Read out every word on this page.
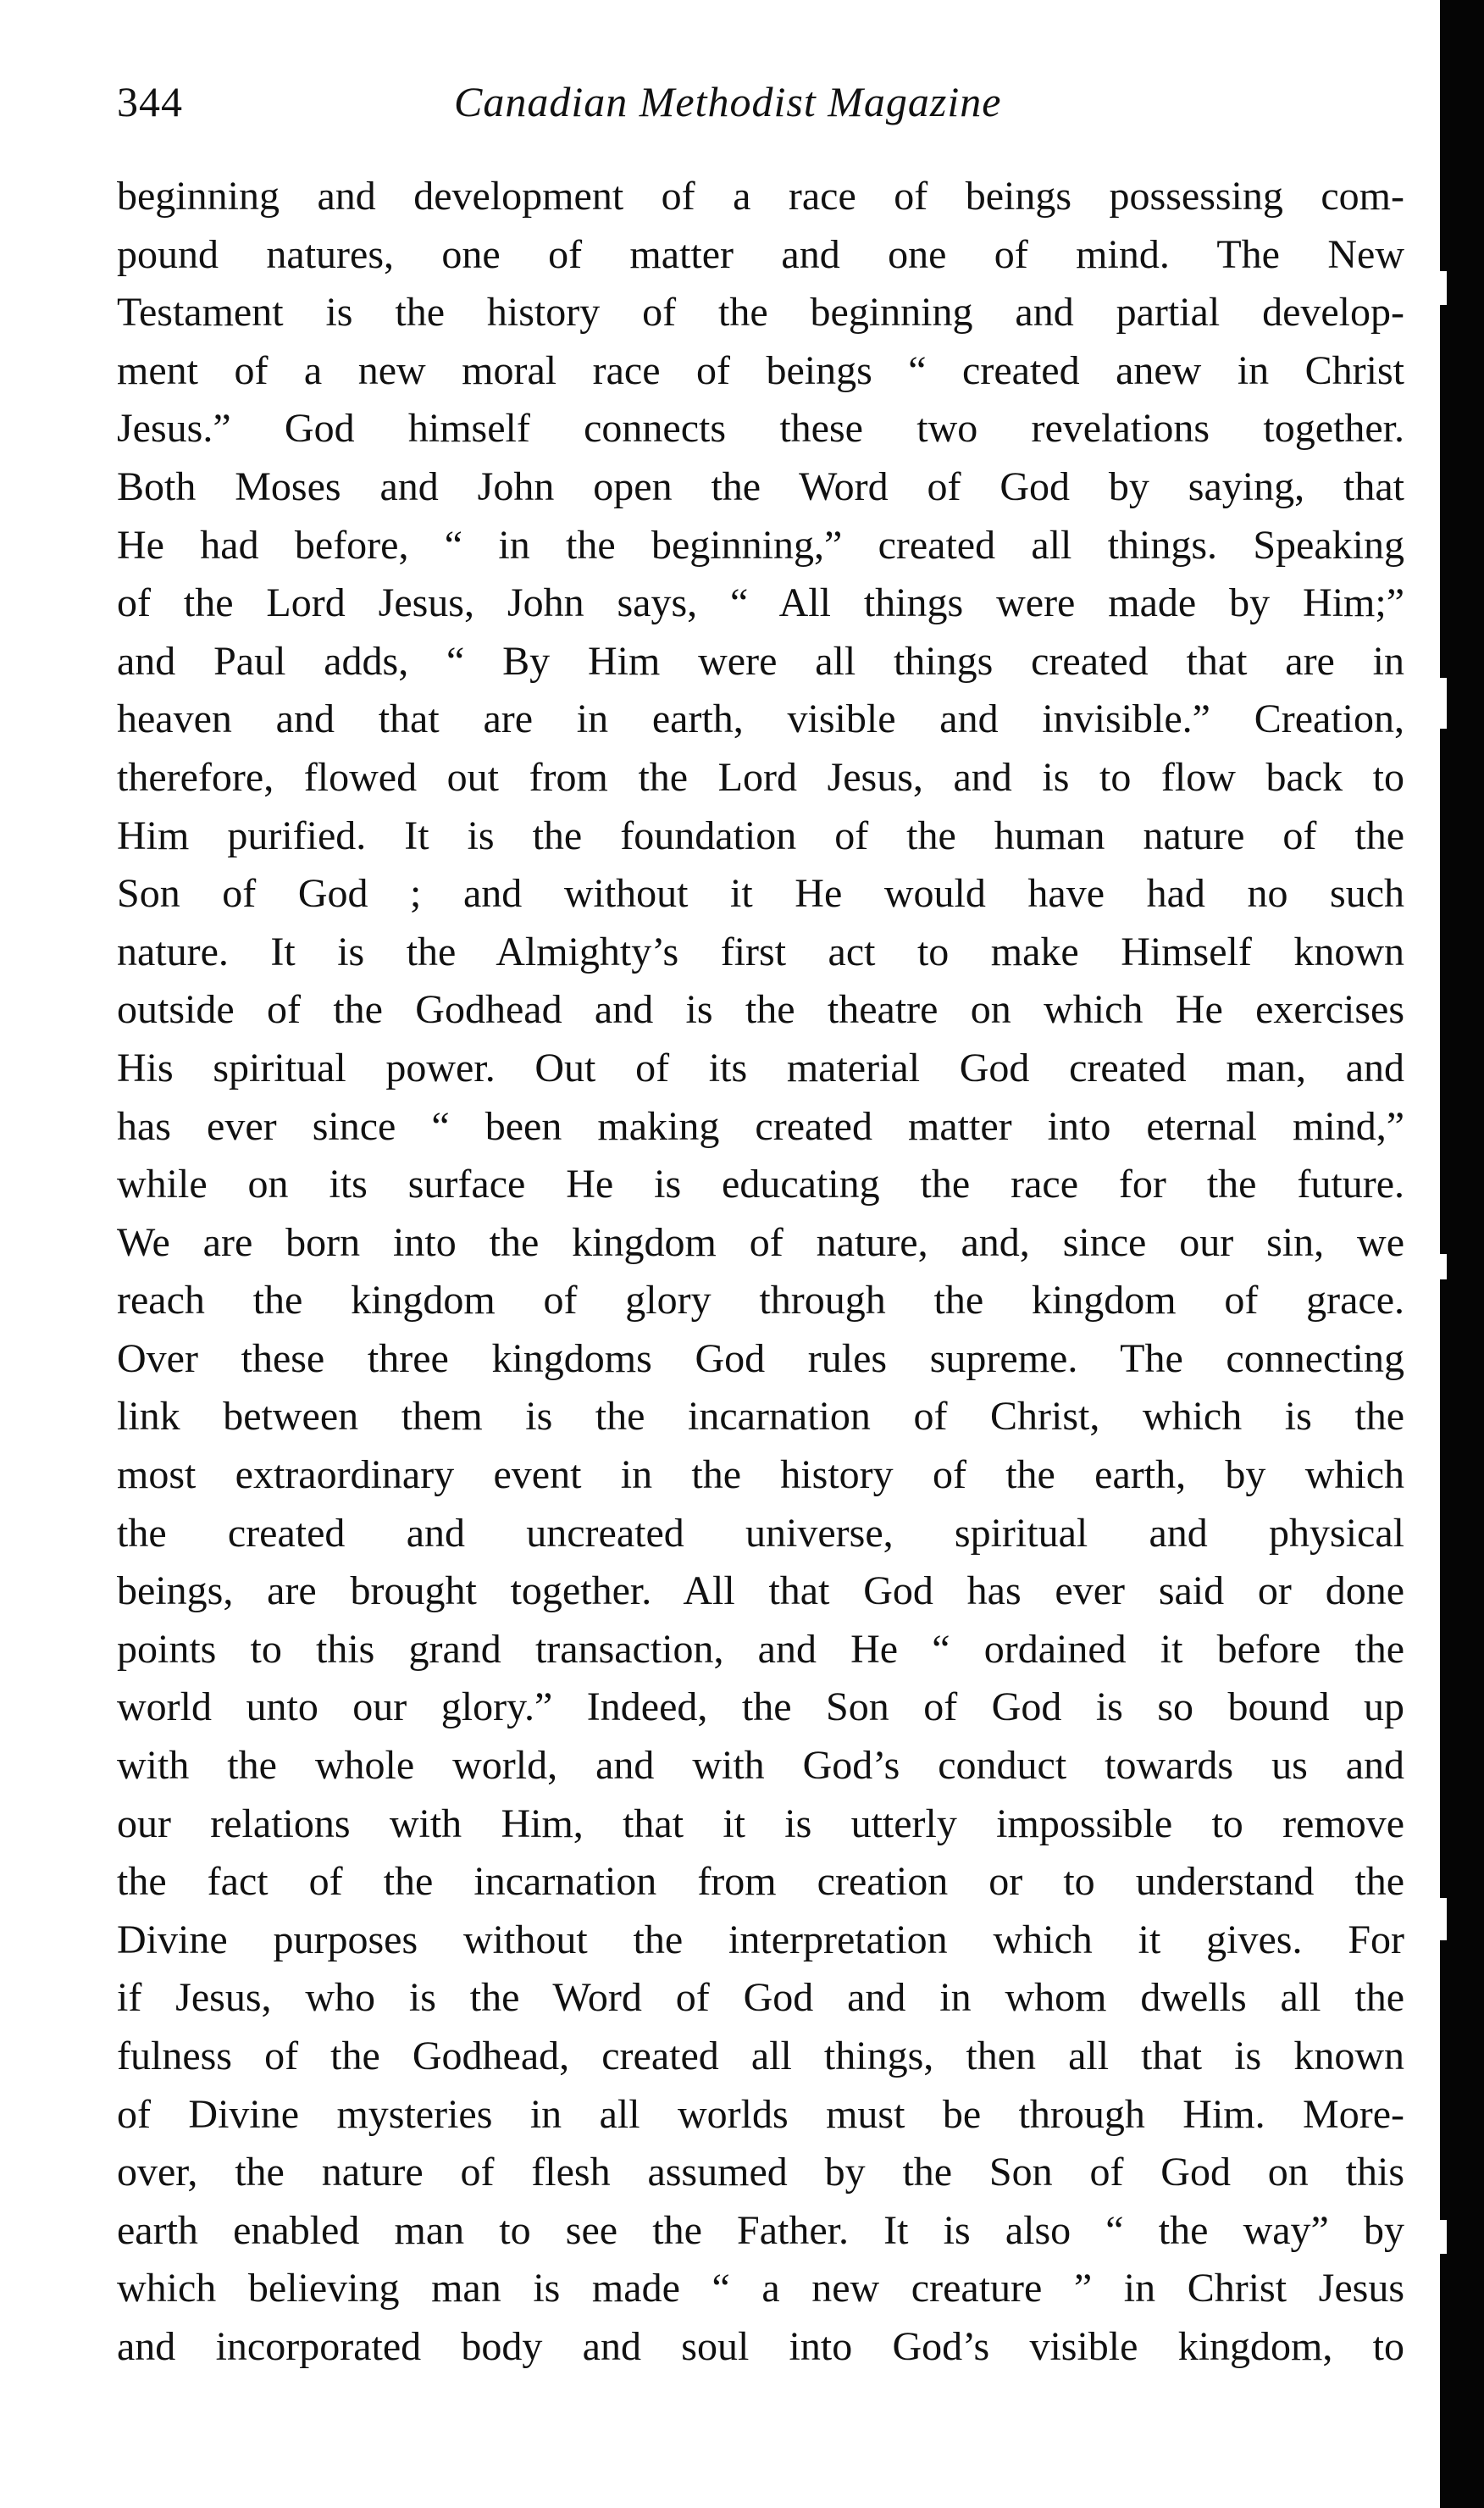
344	Canadian Methodist Magazine
beginning and development of a race of beings possessing com-
pound natures, one of matter and one of mind. The New
Testament is the history of the beginning and partial develop-
ment of a new moral race of beings “ created anew in Christ
Jesus.” God himself connects these two revelations together.
Both Moses and John open the Word of God by saying, that
He had before, “ in the beginning,” created all things. Speaking
of the Lord Jesus, John says, “ All things were made by Him;”
and Paul adds, “ By Him were all things created that are in
heaven and that are in earth, visible and invisible.” Creation,
therefore, flowed out from the Lord Jesus, and is to flow back to
Him purified. It is the foundation of the human nature of the
Son of God ; and without it He would have had no such
nature. It is the Almighty’s first act to make Himself known
outside of the Godhead and is the theatre on which He exercises
His spiritual power. Out of its material God created man, and
has ever since “ been making created matter into eternal mind,”
while on its surface He is educating the race for the future.
We are born into the kingdom of nature, and, since our sin, we
reach the kingdom of glory through the kingdom of grace.
Over these three kingdoms God rules supreme. The connecting
link between them is the incarnation of Christ, which is the
most extraordinary event in the history of the earth, by which
the created and uncreated universe, spiritual and physical
beings, are brought together. All that God has ever said or done
points to this grand transaction, and He “ ordained it before the
world unto our glory.” Indeed, the Son of God is so bound up
with the whole world, and with God’s conduct towards us and
our relations with Him, that it is utterly impossible to remove
the fact of the incarnation from creation or to understand the
Divine purposes without the interpretation which it gives. For
if Jesus, who is the Word of God and in whom dwells all the
fulness of the Godhead, created all things, then all that is known
of Divine mysteries in all worlds must be through Him. More-
over, the nature of flesh assumed by the Son of God on this
earth enabled man to see the Father. It is also “ the way” by
which believing man is made “ a new creature ” in Christ Jesus
and incorporated body and soul into God’s visible kingdom, to
